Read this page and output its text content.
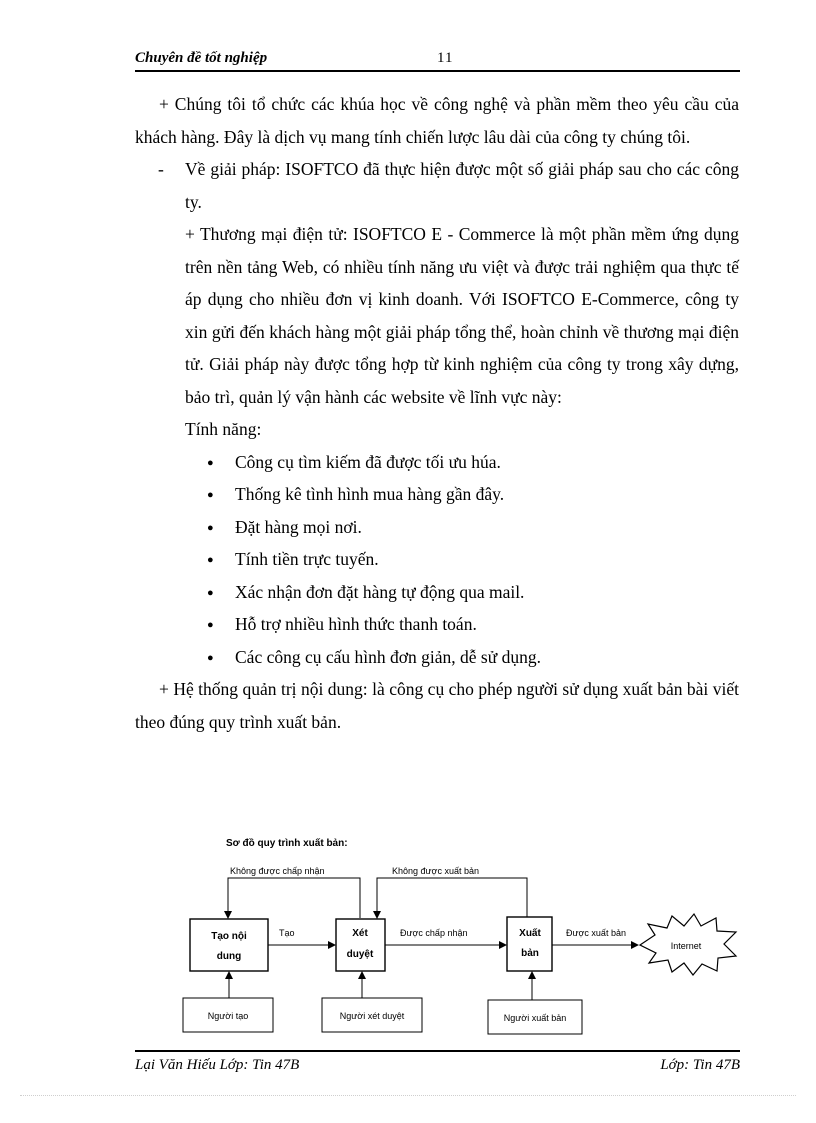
Chuyên đề tốt nghiệp	11

+ Chúng tôi tổ chức các khúa học về công nghệ và phần mềm theo yêu cầu của khách hàng. Đây là dịch vụ mang tính chiến lược lâu dài của công ty chúng tôi.

- Về giải pháp: ISOFTCO đã thực hiện được một số giải pháp sau cho các công ty.

+ Thương mại điện tử: ISOFTCO E - Commerce là một phần mềm ứng dụng trên nền tảng Web, có nhiều tính năng ưu việt và được trải nghiệm qua thực tế áp dụng cho nhiều đơn vị kinh doanh. Với ISOFTCO E-Commerce, công ty xin gửi đến khách hàng một giải pháp tổng thể, hoàn chỉnh về thương mại điện tử. Giải pháp này được tổng hợp từ kinh nghiệm của công ty trong xây dựng, bảo trì, quản lý vận hành các website về lĩnh vực này:

Tính năng:

● Công cụ tìm kiếm đã được tối ưu húa.
● Thống kê tình hình mua hàng gần đây.
● Đặt hàng mọi nơi.
● Tính tiền trực tuyến.
● Xác nhận đơn đặt hàng tự động qua mail.
● Hỗ trợ nhiều hình thức thanh toán.
● Các công cụ cấu hình đơn giản, dễ sử dụng.

+ Hệ thống quản trị nội dung: là công cụ cho phép người sử dụng xuất bản bài viết theo đúng quy trình xuất bản.

Sơ đồ quy trình xuất bản:
Không được chấp nhận	Không được xuất bản
Tạo nội
dung
Xét
duyệt
Xuất
bản
Tạo	Được chấp nhận	Được xuất bản
Internet
Người tạo	Người xét duyệt	Người xuất bản
Lại Văn Hiếu Lớp: Tin 47B	Lớp: Tin 47B
